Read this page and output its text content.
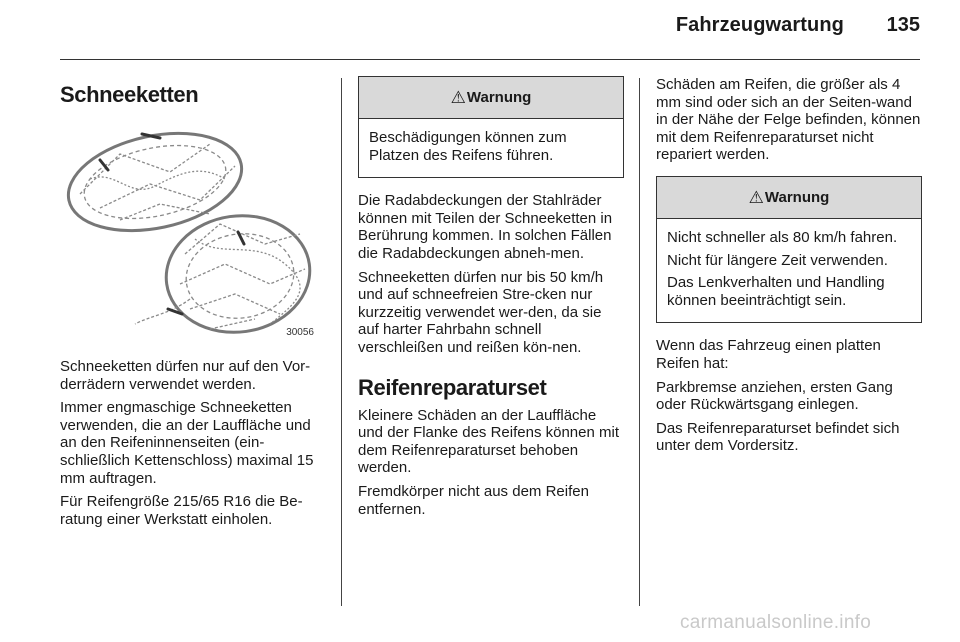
Fahrzeugwartung	135
Schneeketten
30056

Schneeketten dürfen nur auf den Vor-derrädern verwendet werden.

Immer engmaschige Schneeketten verwenden, die an der Lauffläche und an den Reifeninnenseiten (ein-schließlich Kettenschloss) maximal 15 mm auftragen.

Für Reifengröße 215/65 R16 die Be-ratung einer Werkstatt einholen.

⚠Warnung

Beschädigungen können zum Platzen des Reifens führen.

Die Radabdeckungen der Stahlräder können mit Teilen der Schneeketten in Berührung kommen. In solchen Fällen die Radabdeckungen abneh-men.

Schneeketten dürfen nur bis 50 km/h und auf schneefreien Stre-cken nur kurzzeitig verwendet wer-den, da sie auf harter Fahrbahn schnell verschleißen und reißen kön-nen.

Reifenreparaturset

Kleinere Schäden an der Lauffläche und der Flanke des Reifens können mit dem Reifenreparaturset behoben werden.

Fremdkörper nicht aus dem Reifen entfernen.

Schäden am Reifen, die größer als 4 mm sind oder sich an der Seiten-wand in der Nähe der Felge befinden, können mit dem Reifenreparaturset nicht repariert werden.

⚠Warnung

Nicht schneller als 80 km/h fahren.

Nicht für längere Zeit verwenden.

Das Lenkverhalten und Handling können beeinträchtigt sein.

Wenn das Fahrzeug einen platten Reifen hat:

Parkbremse anziehen, ersten Gang oder Rückwärtsgang einlegen.

Das Reifenreparaturset befindet sich unter dem Vordersitz.

carmanualsonline.info
